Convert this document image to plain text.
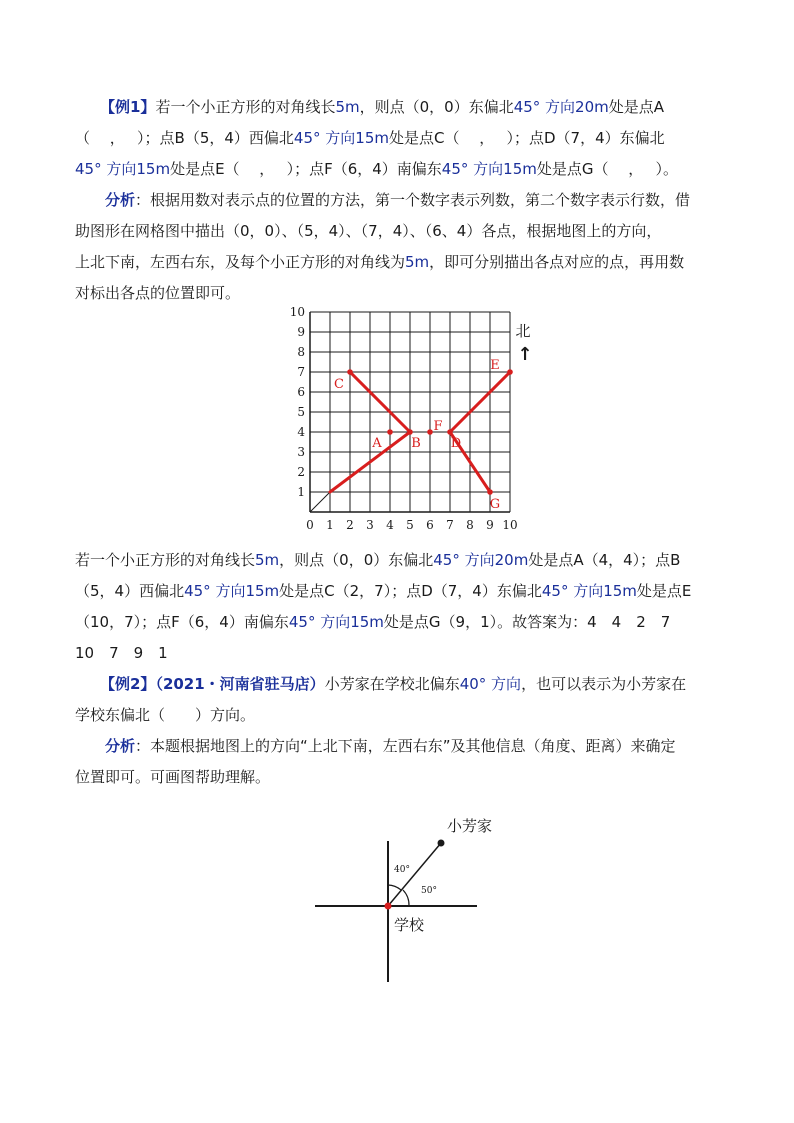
【例1】若一个小正方形的对角线长5m，则点（0，0）东偏北45° 方向20m处是点A
（　 ，　 ）；点B（5，4）西偏北45° 方向15m处是点C（　 ，　 ）；点D（7，4）东偏北
45° 方向15m处是点E（　 ，　 ）；点F（6，4）南偏东45° 方向15m处是点G（　 ，　 ）。
分析：根据用数对表示点的位置的方法，第一个数字表示列数，第二个数字表示行数，借
助图形在网格图中描出（0，0）、（5，4）、（7，4）、（6、4）各点，根据地图上的方向，
上北下南，左西右东，及每个小正方形的对角线为5m，即可分别描出各点对应的点，再用数
对标出各点的位置即可。
A B
C
D
E
F
G
0 1 2 3 4 5 6 7 8 9 10
1
2
3
4
5
6
7
8
9
10
北
↑
若一个小正方形的对角线长5m，则点（0，0）东偏北45° 方向20m处是点A（4，4）；点B
（5，4）西偏北45° 方向15m处是点C（2，7）；点D（7，4）东偏北45° 方向15m处是点E
（10，7）；点F（6，4）南偏东45° 方向15m处是点G（9，1）。故答案为：4　4　2　7
10　7　9　1
【例2】（2021・河南省驻马店）小芳家在学校北偏东40° 方向，也可以表示为小芳家在
学校东偏北（　　）方向。
分析：本题根据地图上的方向“上北下南，左西右东”及其他信息（角度、距离）来确定
位置即可。可画图帮助理解。
小芳家
学校
40°
50°
